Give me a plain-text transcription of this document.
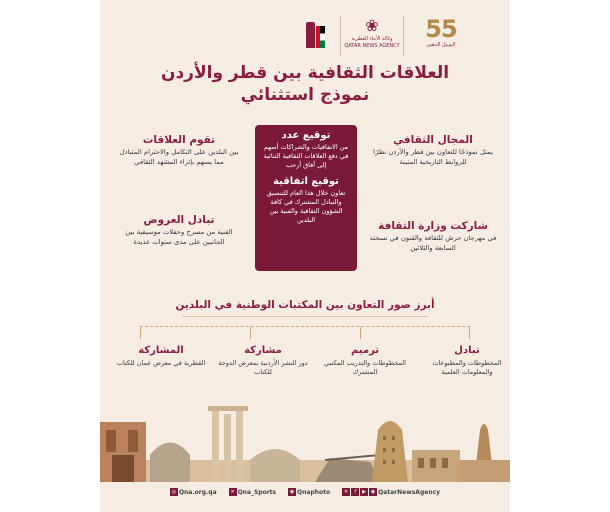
55
اليوبيل الذهبي
❀
وكالة الأنباء القطرية
QATAR NEWS AGENCY
العلاقات الثقافية بين قطر والأردن
نموذج استثنائي
توقيع عدد

من الاتفاقيات والشراكات أسهم في دفع العلاقات الثقافية الثنائية إلى آفاق أرحب

توقيع اتفاقية

تعاون خلال هذا العام للتنسيق والتبادل المشترك في كافة الشؤون الثقافية والفنية بين البلدين

المجال الثقافي

يمثل نموذجًا للتعاون بين قطر والأردن نظرًا للروابط التاريخية المتينة

شاركت وزارة الثقافة

في مهرجان جرش للثقافة والفنون في نسخته السابعة والثلاثين

تقوم العلاقات

بين البلدين على التكامل والاحترام المتبادل مما يسهم بإثراء المشهد الثقافي

تبادل العروض

الفنية من مسرح وحفلات موسيقية بين الجانبين على مدى سنوات عديدة

أبرز صور التعاون بين المكتبات الوطنية في البلدين
تبادل

المخطوطات والمطبوعات والمعلومات العلمية

ترميم

المخطوطات والتدريب المكتبي المشترك

مشاركة

دور النشر الأردنية بمعرض الدوحة للكتاب

المشاركة

القطرية في معرض عمان للكتاب

◎ Qna.org.qa	✕ Qna_Sports	◉ Qnaphoto	✕ f ▶ ◉ QatarNewsAgency
